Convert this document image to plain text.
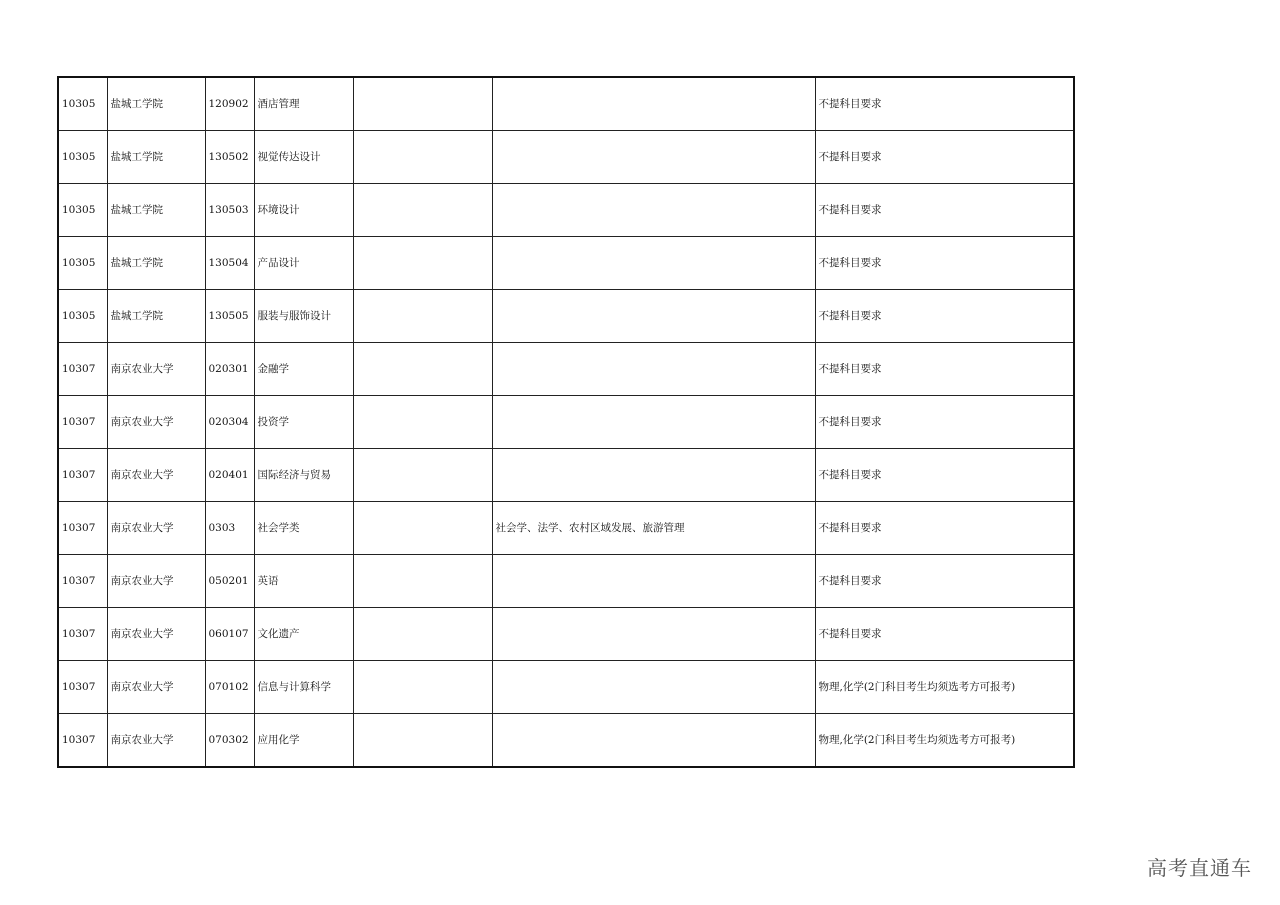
10305	盐城工学院	120902	酒店管理			不提科目要求
10305	盐城工学院	130502	视觉传达设计			不提科目要求
10305	盐城工学院	130503	环境设计			不提科目要求
10305	盐城工学院	130504	产品设计			不提科目要求
10305	盐城工学院	130505	服装与服饰设计			不提科目要求
10307	南京农业大学	020301	金融学			不提科目要求
10307	南京农业大学	020304	投资学			不提科目要求
10307	南京农业大学	020401	国际经济与贸易			不提科目要求
10307	南京农业大学	0303	社会学类		社会学、法学、农村区域发展、旅游管理	不提科目要求
10307	南京农业大学	050201	英语			不提科目要求
10307	南京农业大学	060107	文化遗产			不提科目要求
10307	南京农业大学	070102	信息与计算科学			物理,化学(2门科目考生均须选考方可报考)
10307	南京农业大学	070302	应用化学			物理,化学(2门科目考生均须选考方可报考)
高考直通车
